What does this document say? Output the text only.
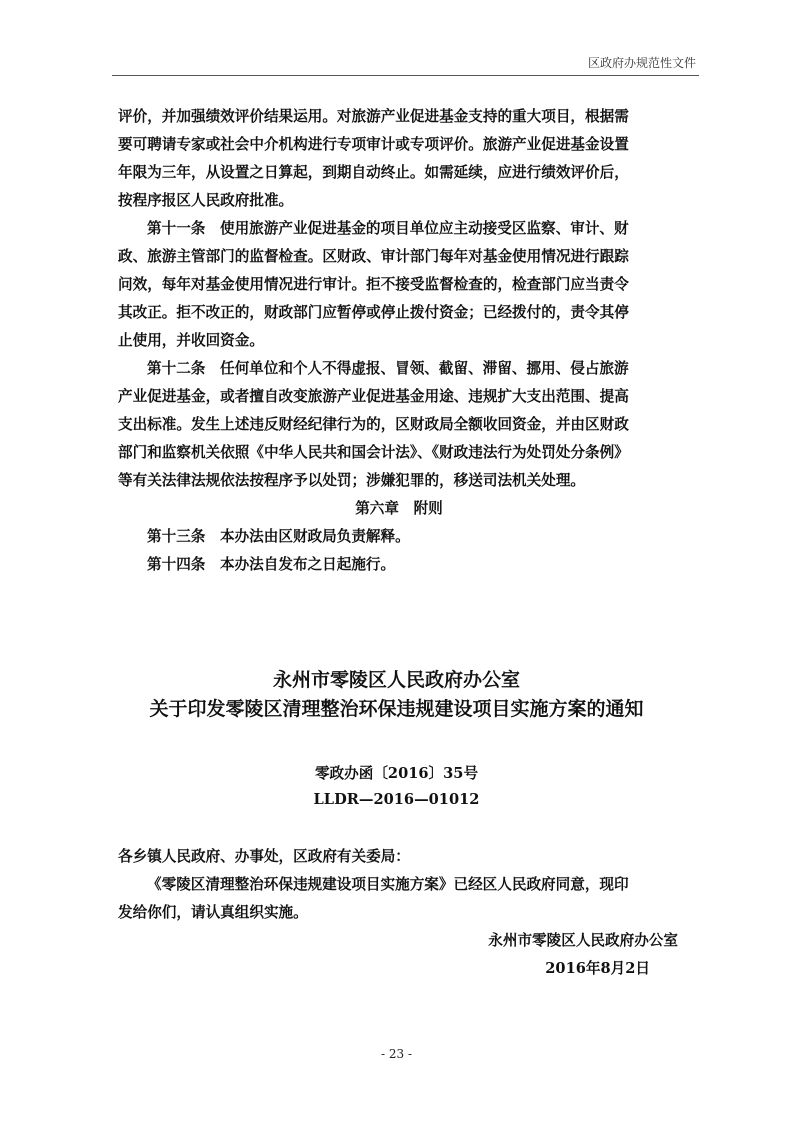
区政府办规范性文件

评价，并加强绩效评价结果运用。对旅游产业促进基金支持的重大项目，根据需

要可聘请专家或社会中介机构进行专项审计或专项评价。旅游产业促进基金设置

年限为三年，从设置之日算起，到期自动终止。如需延续，应进行绩效评价后，

按程序报区人民政府批准。

第十一条　使用旅游产业促进基金的项目单位应主动接受区监察、审计、财

政、旅游主管部门的监督检查。区财政、审计部门每年对基金使用情况进行跟踪

问效，每年对基金使用情况进行审计。拒不接受监督检查的，检查部门应当责令

其改正。拒不改正的，财政部门应暂停或停止拨付资金；已经拨付的，责令其停

止使用，并收回资金。

第十二条　任何单位和个人不得虚报、冒领、截留、滞留、挪用、侵占旅游

产业促进基金，或者擅自改变旅游产业促进基金用途、违规扩大支出范围、提高

支出标准。发生上述违反财经纪律行为的，区财政局全额收回资金，并由区财政

部门和监察机关依照《中华人民共和国会计法》、《财政违法行为处罚处分条例》

等有关法律法规依法按程序予以处罚；涉嫌犯罪的，移送司法机关处理。

第六章　附则

第十三条　本办法由区财政局负责解释。

第十四条　本办法自发布之日起施行。

永州市零陵区人民政府办公室
关于印发零陵区清理整治环保违规建设项目实施方案的通知
零政办函〔2016〕35号
LLDR—2016—01012

各乡镇人民政府、办事处，区政府有关委局：

《零陵区清理整治环保违规建设项目实施方案》已经区人民政府同意，现印

发给你们，请认真组织实施。

永州市零陵区人民政府办公室

2016年8月2日

- 23 -
